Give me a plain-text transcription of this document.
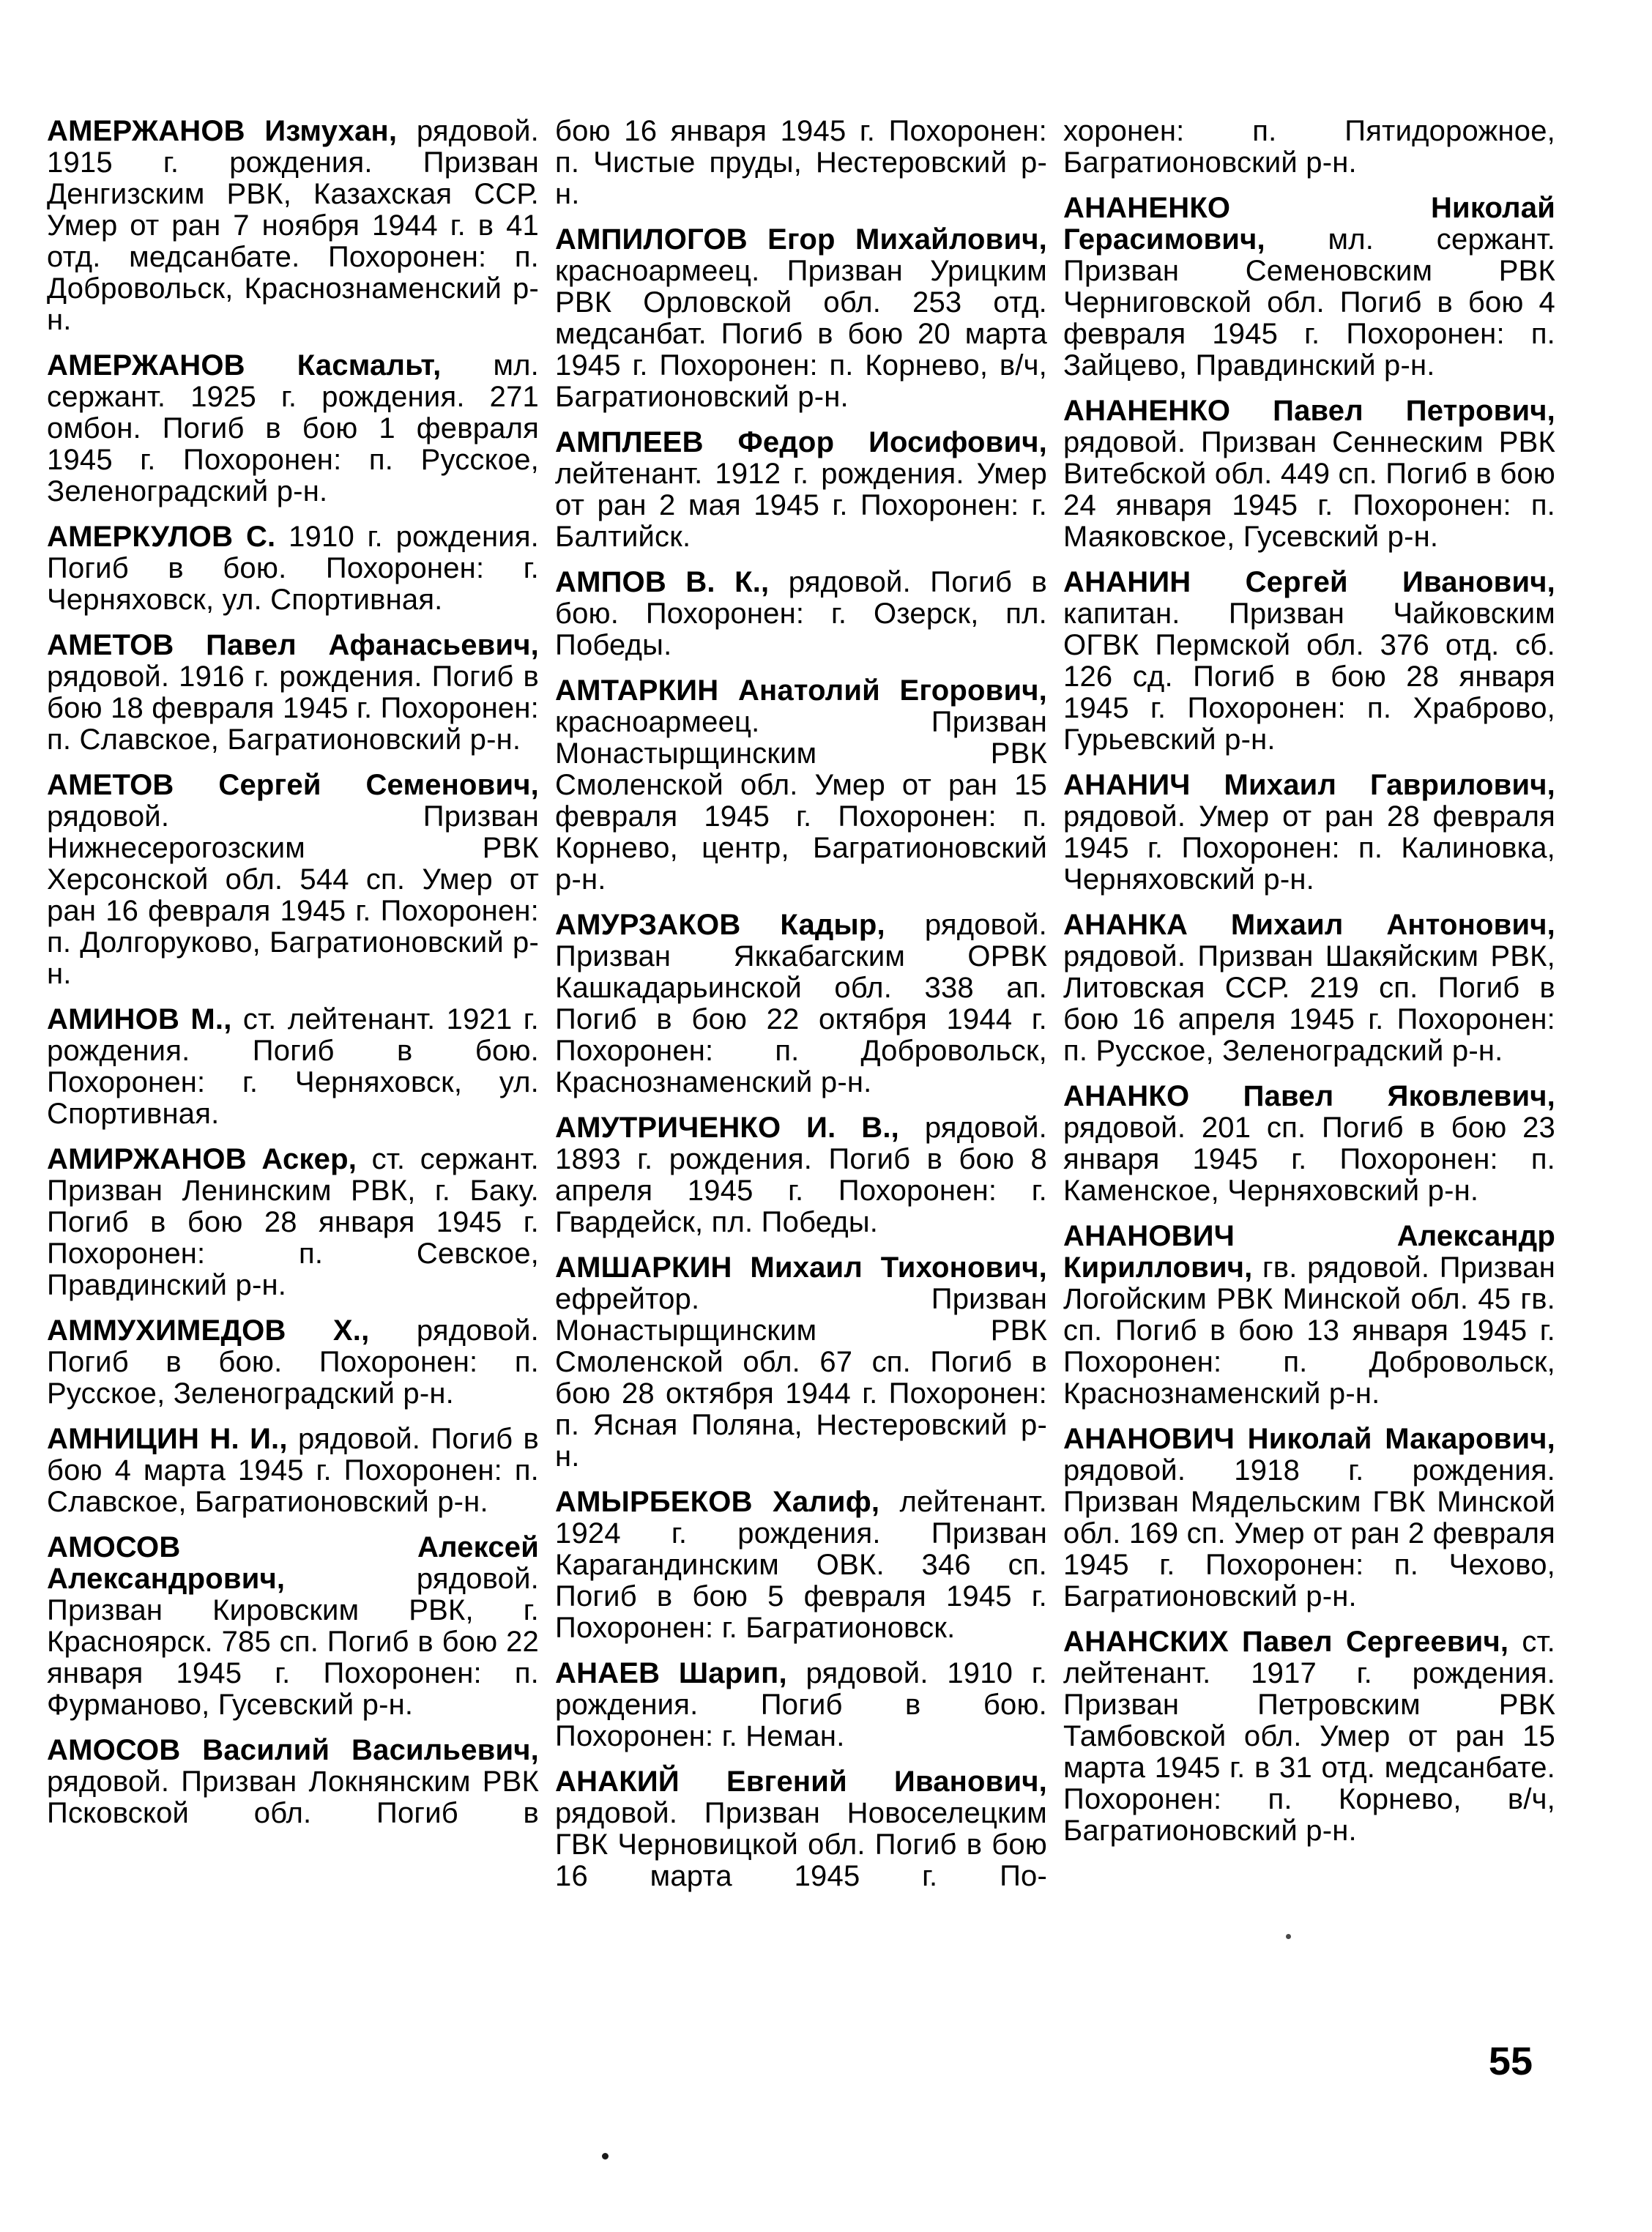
АМЕРЖАНОВ Измухан, рядовой. 1915 г. рождения. Призван Денгизским РВК, Казахская ССР. Умер от ран 7 ноября 1944 г. в 41 отд. медсанбате. Похоронен: п. Добровольск, Краснознаменский р-н.

АМЕРЖАНОВ Касмальт, мл. сержант. 1925 г. рождения. 271 омбон. Погиб в бою 1 февраля 1945 г. Похоронен: п. Русское, Зеленоградский р-н.

АМЕРКУЛОВ С. 1910 г. рождения. Погиб в бою. Похоронен: г. Черняховск, ул. Спортивная.

АМЕТОВ Павел Афанасьевич, рядовой. 1916 г. рождения. Погиб в бою 18 февраля 1945 г. Похоронен: п. Славское, Багратионовский р-н.

АМЕТОВ Сергей Семенович, рядовой. Призван Нижнесерогозским РВК Херсонской обл. 544 сп. Умер от ран 16 февраля 1945 г. Похоронен: п. Долгоруково, Багратионовский р-н.

АМИНОВ М., ст. лейтенант. 1921 г. рождения. Погиб в бою. Похоронен: г. Черняховск, ул. Спортивная.

АМИРЖАНОВ Аскер, ст. сержант. Призван Ленинским РВК, г. Баку. Погиб в бою 28 января 1945 г. Похоронен: п. Севское, Правдинский р-н.

АММУХИМЕДОВ Х., рядовой. Погиб в бою. Похоронен: п. Русское, Зеленоградский р-н.

АМНИЦИН Н. И., рядовой. Погиб в бою 4 марта 1945 г. Похоронен: п. Славское, Багратионовский р-н.

АМОСОВ Алексей Александрович,	рядовой. Призван Кировским РВК, г. Красноярск. 785 сп. Погиб в бою 22 января 1945 г. Похоронен: п. Фурманово, Гусевский р-н.

АМОСОВ Василий Васильевич, рядовой. Призван Локнянским РВК Псковской обл. Погиб в

бою 16 января 1945 г. Похоронен: п. Чистые пруды, Нестеровский р-н.

АМПИЛОГОВ Егор Михайлович, красноармеец. Призван Урицким РВК Орловской обл. 253 отд. медсанбат. Погиб в бою 20 марта 1945 г. Похоронен: п. Корнево, в/ч, Багратионовский р-н.

АМПЛЕЕВ Федор Иосифович, лейтенант. 1912 г. рождения. Умер от ран 2 мая 1945 г. Похоронен: г. Балтийск.

АМПОВ В. К., рядовой. Погиб в бою. Похоронен: г. Озерск, пл. Победы.

АМТАРКИН Анатолий Егорович, красноармеец. Призван Монастырщинским РВК Смоленской обл. Умер от ран 15 февраля 1945 г. Похоронен: п. Корнево, центр, Багратионовский р-н.

АМУРЗАКОВ Кадыр, рядовой. Призван Яккабагским ОРВК Кашкадарьинской обл. 338 ап. Погиб в бою 22 октября 1944 г. Похоронен: п. Добровольск, Краснознаменский р-н.

АМУТРИЧЕНКО И. В., рядовой. 1893 г. рождения. Погиб в бою 8 апреля 1945 г. Похоронен: г. Гвардейск, пл. Победы.

АМШАРКИН Михаил Тихонович, ефрейтор. Призван Монастырщинским РВК Смоленской обл. 67 сп. Погиб в бою 28 октября 1944 г. Похоронен: п. Ясная Поляна, Нестеровский р-н.

АМЫРБЕКОВ Халиф, лейтенант. 1924 г. рождения. Призван Карагандинским ОВК. 346 сп. Погиб в бою 5 февраля 1945 г. Похоронен: г. Багратионовск.

АНАЕВ Шарип, рядовой. 1910 г. рождения. Погиб в бою. Похоронен: г. Неман.

АНАКИЙ Евгений Иванович, рядовой. Призван Новоселецким ГВК Черновицкой обл. Погиб в бою 16 марта 1945 г. По-

хоронен: п. Пятидорожное, Багратионовский р-н.

АНАНЕНКО Николай Герасимович, мл. сержант. Призван Семеновским РВК Черниговской обл. Погиб в бою 4 февраля 1945 г. Похоронен: п. Зайцево, Правдинский р-н.

АНАНЕНКО Павел Петрович, рядовой. Призван Сеннеским РВК Витебской обл. 449 сп. Погиб в бою 24 января 1945 г. Похоронен: п. Маяковское, Гусевский р-н.

АНАНИН Сергей Иванович, капитан. Призван Чайковским ОГВК Пермской обл. 376 отд. сб. 126 сд. Погиб в бою 28 января 1945 г. Похоронен: п. Храброво, Гурьевский р-н.

АНАНИЧ Михаил Гаврилович, рядовой. Умер от ран 28 февраля 1945 г. Похоронен: п. Калиновка, Черняховский р-н.

АНАНКА Михаил Антонович, рядовой. Призван Шакяйским РВК, Литовская ССР. 219 сп. Погиб в бою 16 апреля 1945 г. Похоронен: п. Русское, Зеленоградский р-н.

АНАНКО Павел Яковлевич, рядовой. 201 сп. Погиб в бою 23 января 1945 г. Похоронен: п. Каменское, Черняховский р-н.

АНАНОВИЧ Александр Кириллович, гв. рядовой. Призван Логойским РВК Минской обл. 45 гв. сп. Погиб в бою 13 января 1945 г. Похоронен: п. Добровольск, Краснознаменский р-н.

АНАНОВИЧ Николай Макарович, рядовой. 1918 г. рождения. Призван Мядельским ГВК Минской обл. 169 сп. Умер от ран 2 февраля 1945 г. Похоронен: п. Чехово, Багратионовский р-н.

АНАНСКИХ Павел Сергеевич, ст. лейтенант. 1917 г. рождения. Призван Петровским РВК Тамбовской обл. Умер от ран 15 марта 1945 г. в 31 отд. медсанбате. Похоронен: п. Корнево, в/ч, Багратионовский р-н.

55
